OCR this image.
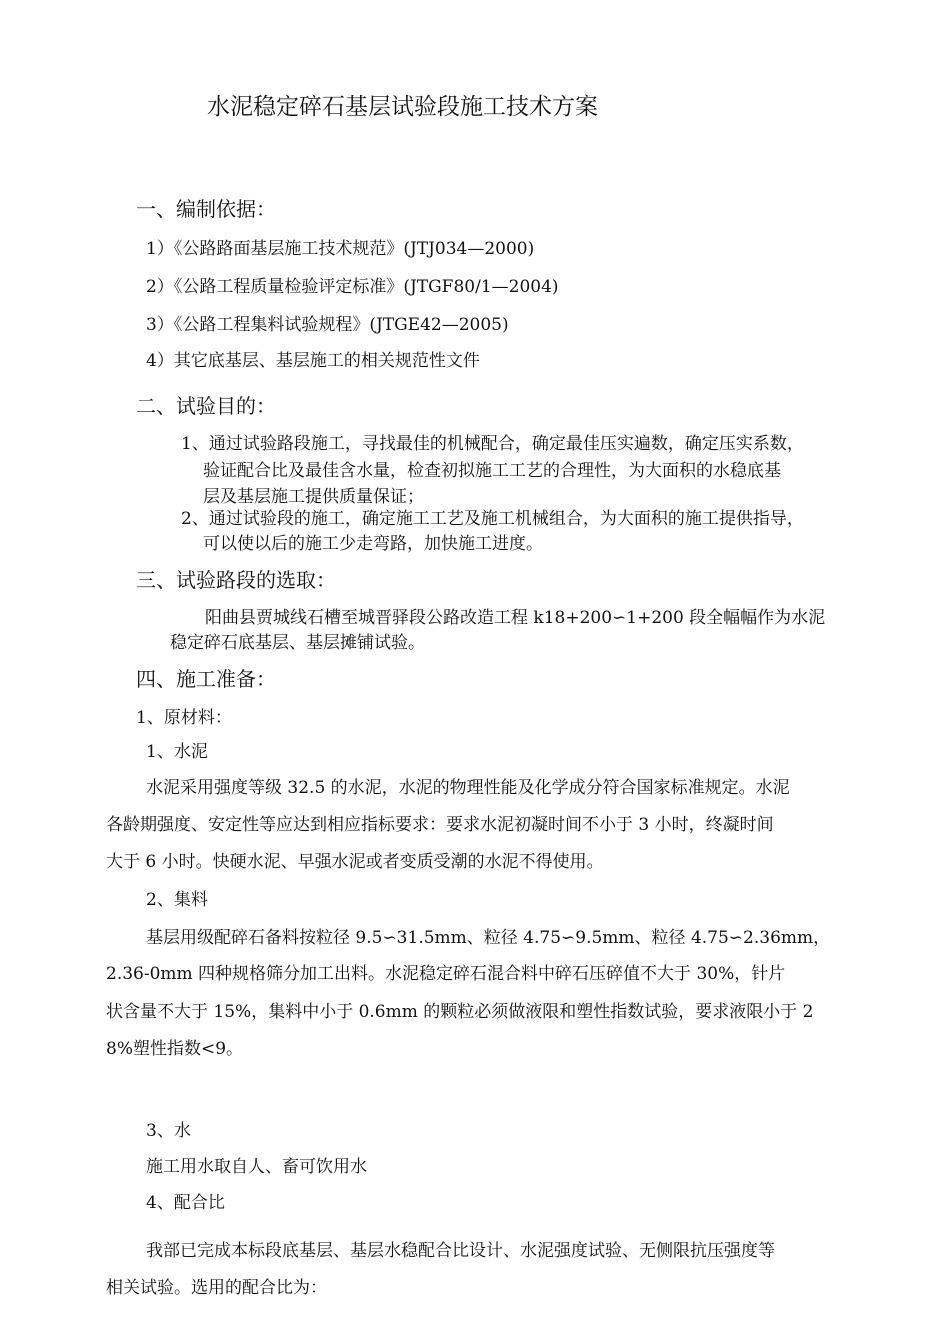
水泥稳定碎石基层试验段施工技术方案
一、编制依据：
1）《公路路面基层施工技术规范》(JTJ034—2000)
2）《公路工程质量检验评定标准》(JTGF80/1—2004)
3）《公路工程集料试验规程》(JTGE42—2005)
4）其它底基层、基层施工的相关规范性文件
二、试验目的：
1、通过试验路段施工，寻找最佳的机械配合，确定最佳压实遍数，确定压实系数，
验证配合比及最佳含水量，检查初拟施工工艺的合理性，为大面积的水稳底基
层及基层施工提供质量保证；
2、通过试验段的施工，确定施工工艺及施工机械组合，为大面积的施工提供指导，
可以使以后的施工少走弯路，加快施工进度。
三、试验路段的选取：
阳曲县贾城线石槽至城晋驿段公路改造工程 k18+200∽1+200 段全幅幅作为水泥
稳定碎石底基层、基层摊铺试验。
四、施工准备：
1、原材料：
1、水泥
水泥采用强度等级 32.5 的水泥，水泥的物理性能及化学成分符合国家标准规定。水泥
各龄期强度、安定性等应达到相应指标要求：要求水泥初凝时间不小于 3 小时，终凝时间
大于 6 小时。快硬水泥、早强水泥或者变质受潮的水泥不得使用。
2、集料
基层用级配碎石备料按粒径 9.5∽31.5mm、粒径 4.75∽9.5mm、粒径 4.75∽2.36mm，
2.36-0mm 四种规格筛分加工出料。水泥稳定碎石混合料中碎石压碎值不大于 30%，针片
状含量不大于 15%，集料中小于 0.6mm 的颗粒必须做液限和塑性指数试验，要求液限小于 2
8%塑性指数<9。
3、水
施工用水取自人、畜可饮用水
4、配合比
我部已完成本标段底基层、基层水稳配合比设计、水泥强度试验、无侧限抗压强度等
相关试验。选用的配合比为：
